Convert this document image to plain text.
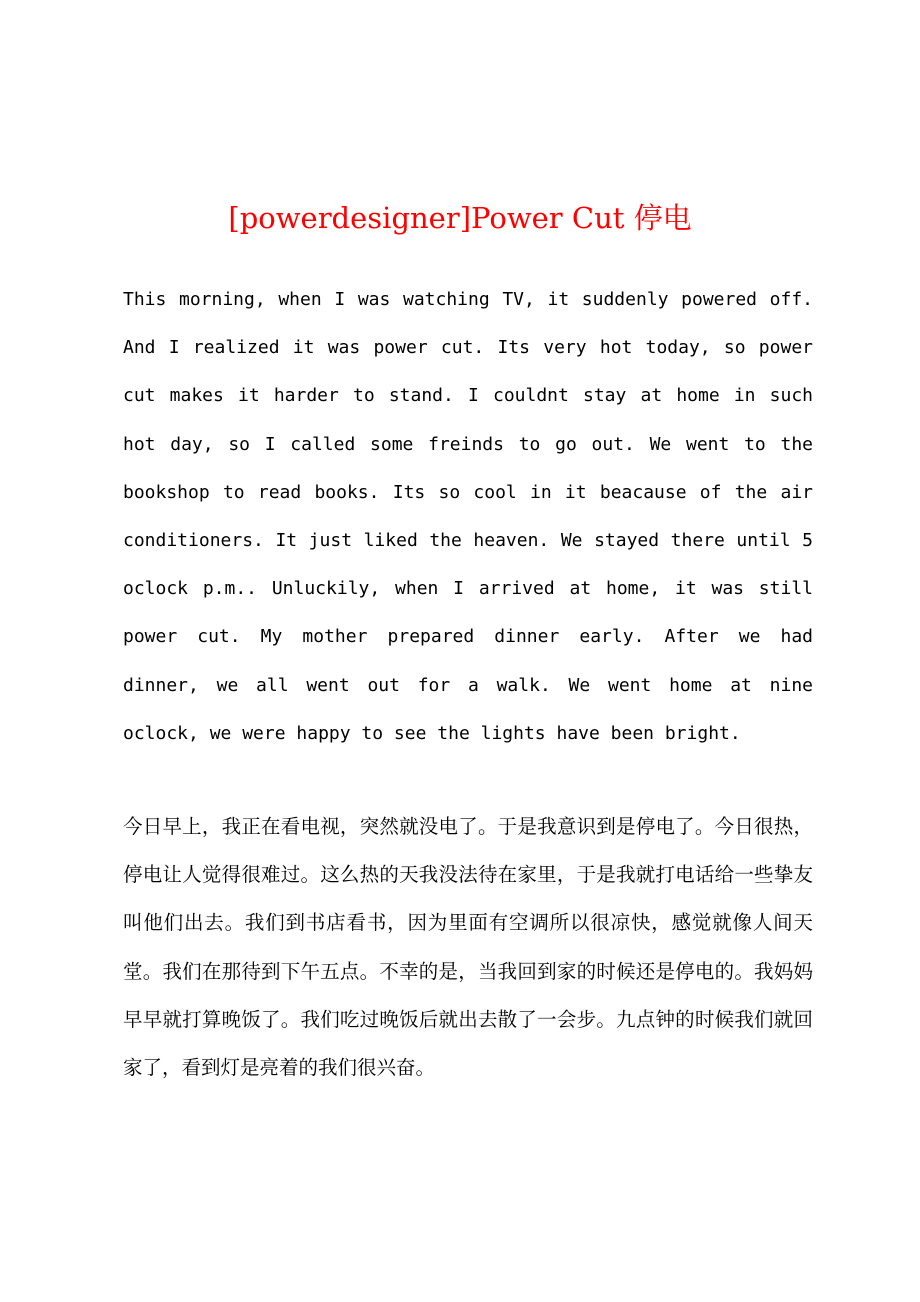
[powerdesigner]Power Cut 停电

This morning, when I was watching TV, it suddenly powered off. And I realized it was power cut. Its very hot today, so power cut makes it harder to stand. I couldnt stay at home in such hot day, so I called some freinds to go out. We went to the bookshop to read books. Its so cool in it beacause of the air conditioners. It just liked the heaven. We stayed there until 5 oclock p.m.. Unluckily, when I arrived at home, it was still power cut. My mother prepared dinner early. After we had dinner, we all went out for a walk. We went home at nine oclock, we were happy to see the lights have been bright.

今日早上，我正在看电视，突然就没电了。于是我意识到是停电了。今日很热，停电让人觉得很难过。这么热的天我没法待在家里，于是我就打电话给一些挚友叫他们出去。我们到书店看书，因为里面有空调所以很凉快，感觉就像人间天堂。我们在那待到下午五点。不幸的是，当我回到家的时候还是停电的。我妈妈早早就打算晚饭了。我们吃过晚饭后就出去散了一会步。九点钟的时候我们就回家了，看到灯是亮着的我们很兴奋。
